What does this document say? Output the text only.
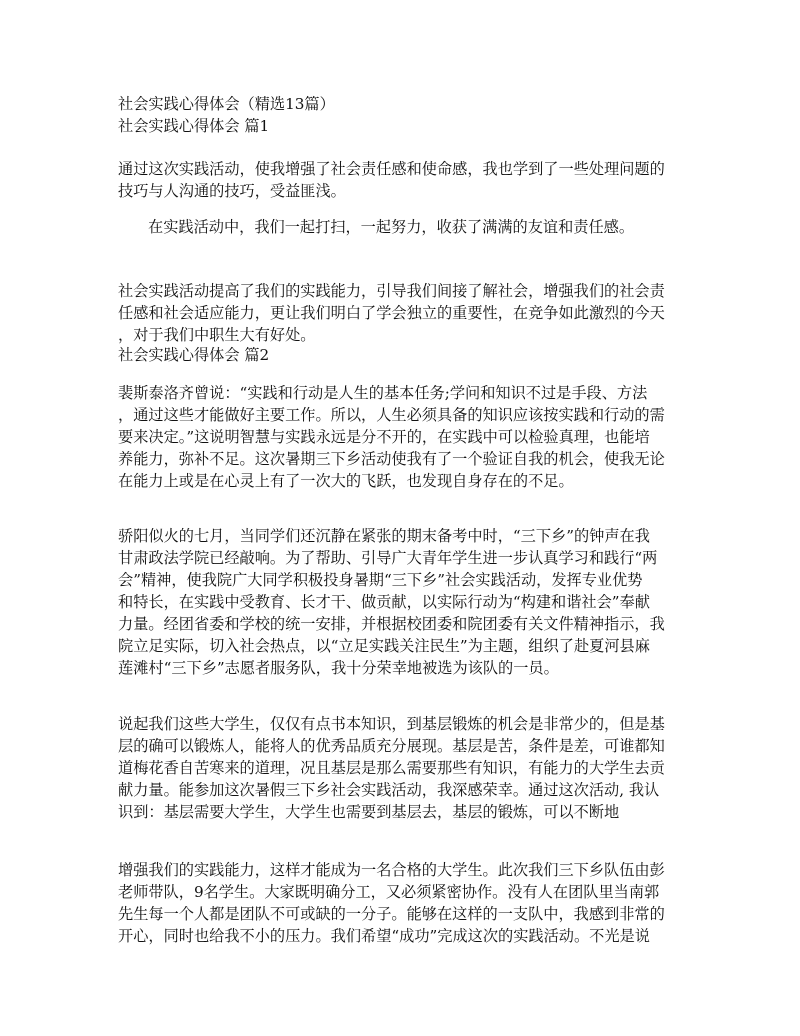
社会实践心得体会（精选13篇）
社会实践心得体会 篇1
通过这次实践活动，使我增强了社会责任感和使命感，我也学到了一些处理问题的
技巧与人沟通的技巧，受益匪浅。
在实践活动中，我们一起打扫，一起努力，收获了满满的友谊和责任感。
社会实践活动提高了我们的实践能力，引导我们间接了解社会，增强我们的社会责
任感和社会适应能力，更让我们明白了学会独立的重要性，在竞争如此激烈的今天
，对于我们中职生大有好处。
社会实践心得体会 篇2
裴斯泰洛齐曾说：“实践和行动是人生的基本任务;学问和知识不过是手段、方法
，通过这些才能做好主要工作。所以，人生必须具备的知识应该按实践和行动的需
要来决定。”这说明智慧与实践永远是分不开的，在实践中可以检验真理，也能培
养能力，弥补不足。这次暑期三下乡活动使我有了一个验证自我的机会，使我无论
在能力上或是在心灵上有了一次大的飞跃，也发现自身存在的不足。
骄阳似火的七月，当同学们还沉静在紧张的期末备考中时，“三下乡”的钟声在我
甘肃政法学院已经敲响。为了帮助、引导广大青年学生进一步认真学习和践行“两
会”精神，使我院广大同学积极投身暑期“三下乡”社会实践活动，发挥专业优势
和特长，在实践中受教育、长才干、做贡献，以实际行动为“构建和谐社会”奉献
力量。经团省委和学校的统一安排，并根据校团委和院团委有关文件精神指示，我
院立足实际，切入社会热点，以“立足实践关注民生”为主题，组织了赴夏河县麻
莲滩村“三下乡”志愿者服务队，我十分荣幸地被选为该队的一员。
说起我们这些大学生，仅仅有点书本知识，到基层锻炼的机会是非常少的，但是基
层的确可以锻炼人，能将人的优秀品质充分展现。基层是苦，条件是差，可谁都知
道梅花香自苦寒来的道理，况且基层是那么需要那些有知识，有能力的大学生去贡
献力量。能参加这次暑假三下乡社会实践活动，我深感荣幸。通过这次活动, 我认
识到：基层需要大学生，大学生也需要到基层去，基层的锻炼，可以不断地
增强我们的实践能力，这样才能成为一名合格的大学生。此次我们三下乡队伍由彭
老师带队，9名学生。大家既明确分工，又必须紧密协作。没有人在团队里当南郭
先生每一个人都是团队不可或缺的一分子。能够在这样的一支队中，我感到非常的
开心，同时也给我不小的压力。我们希望“成功”完成这次的实践活动。不光是说
